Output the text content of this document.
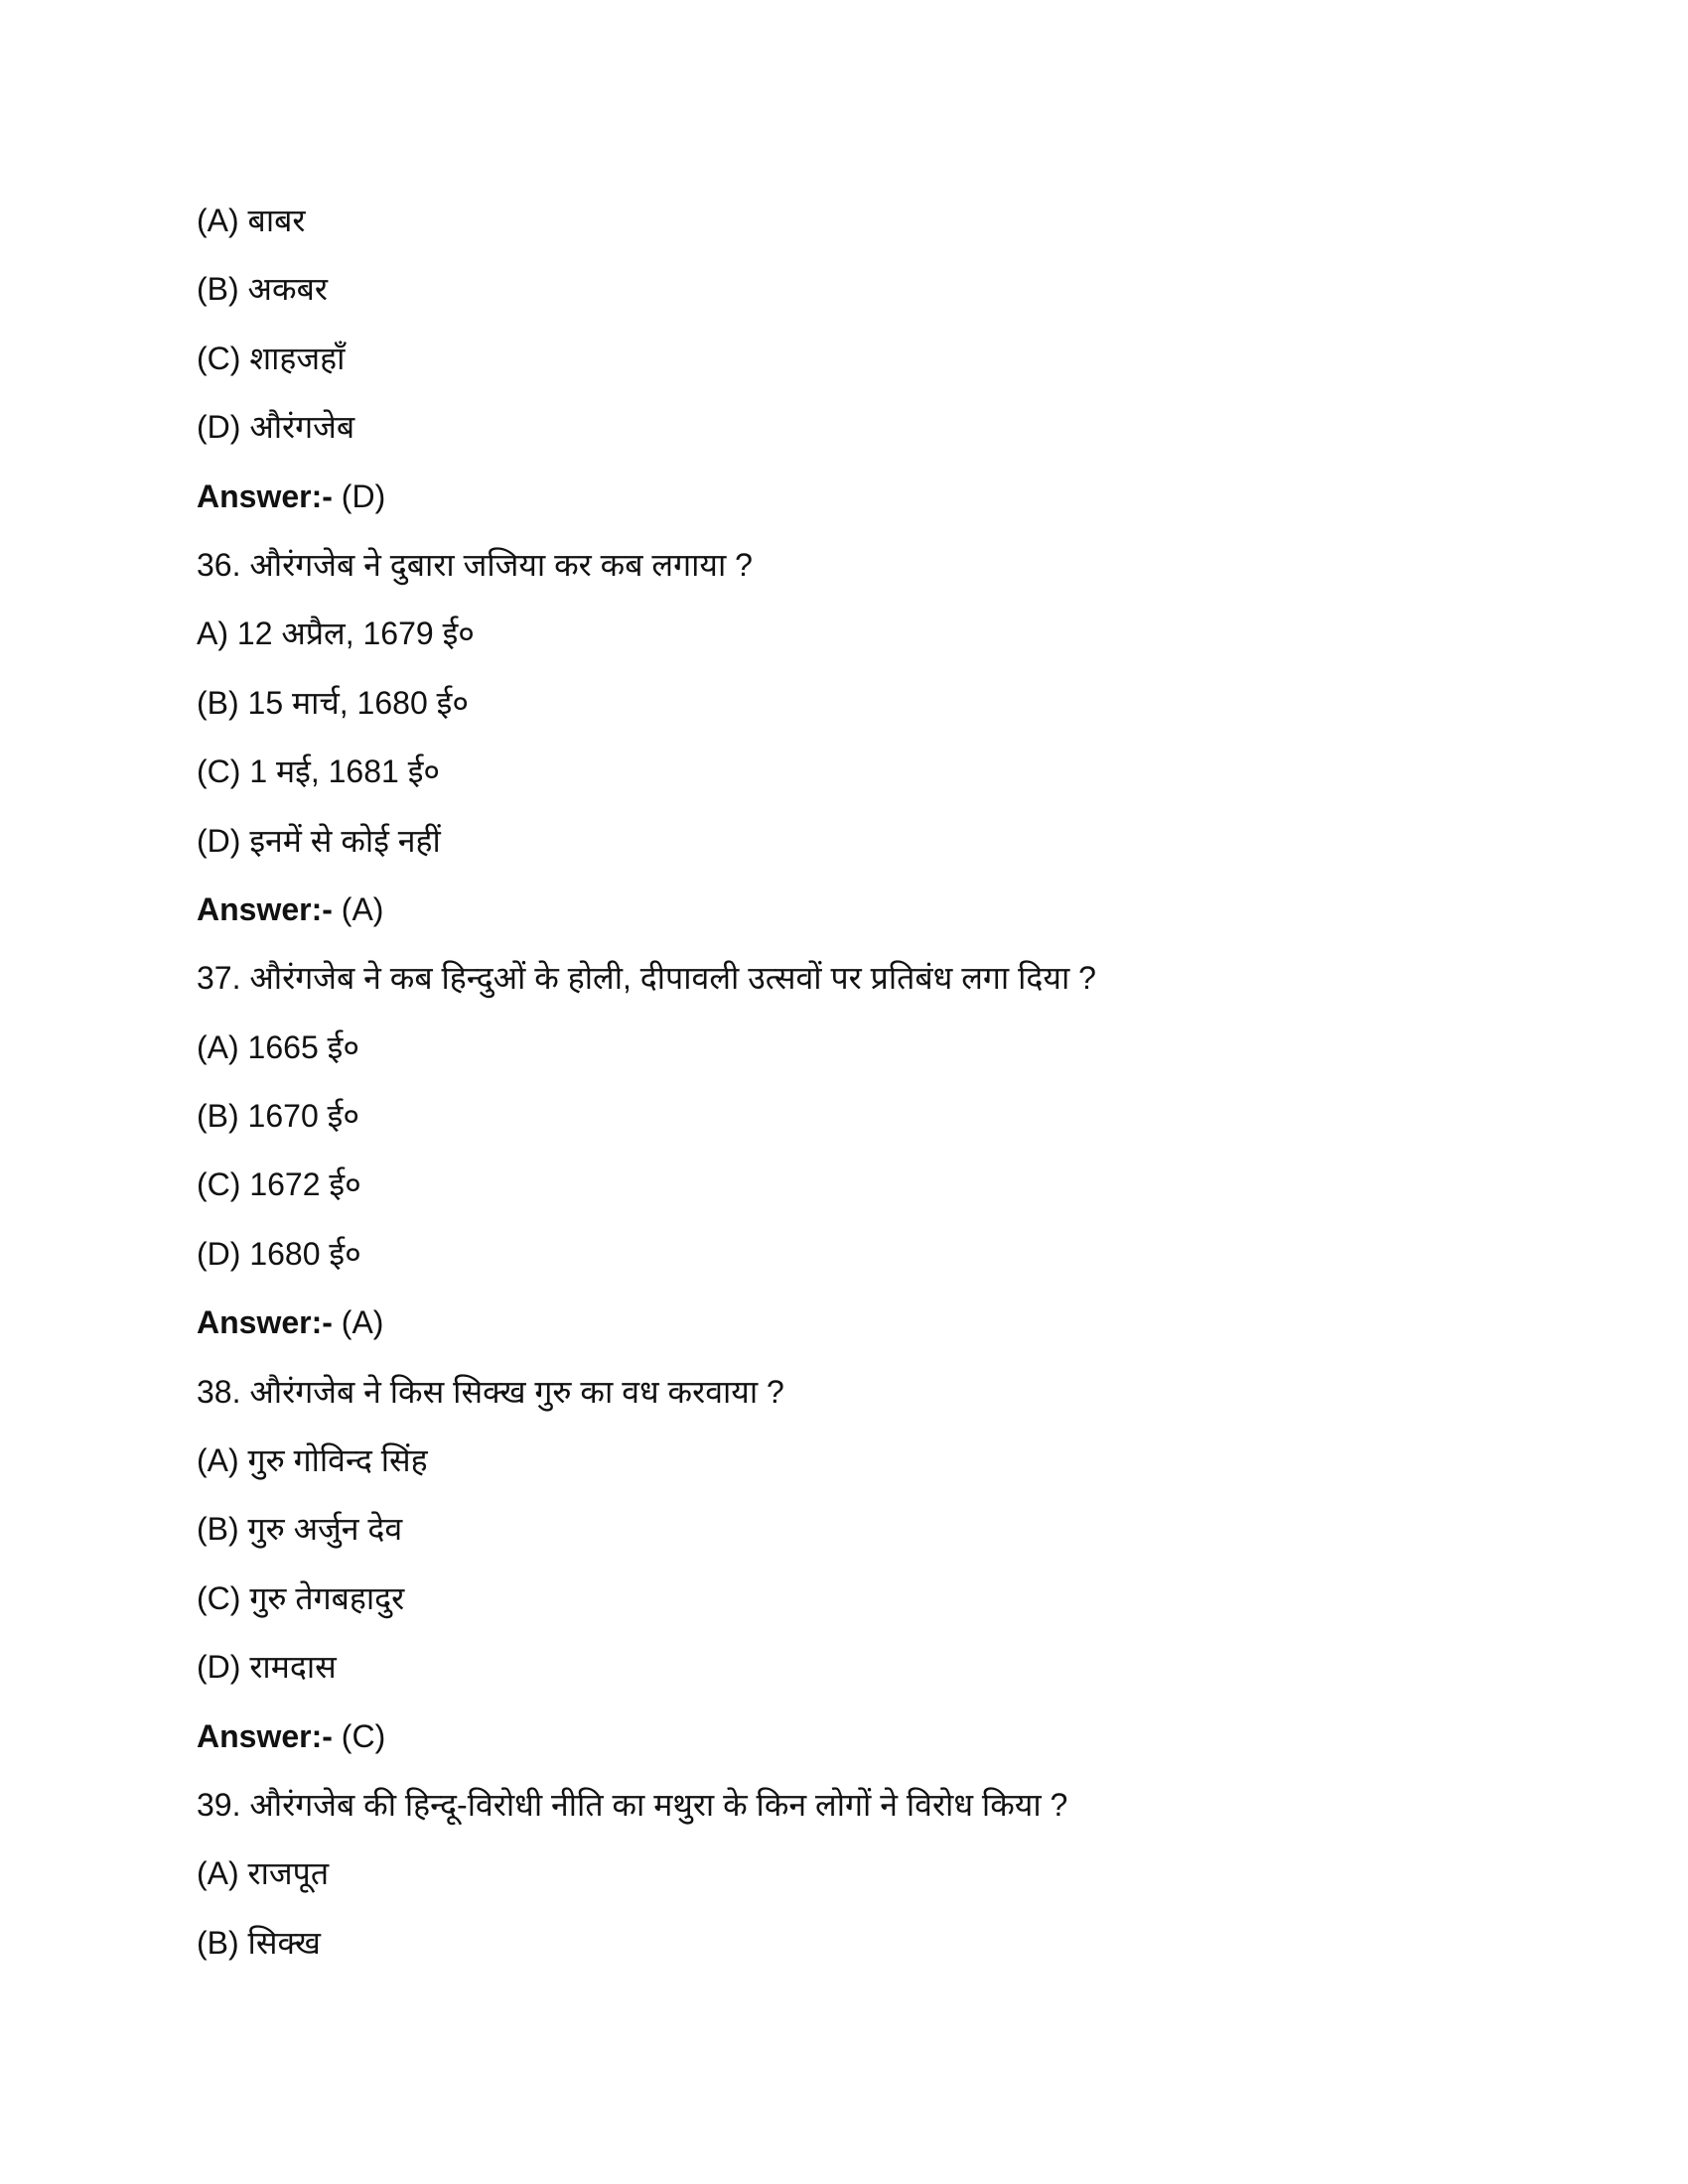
(A) बाबर
(B) अकबर
(C) शाहजहाँ
(D) औरंगजेब
Answer:- (D)
36. औरंगजेब ने दुबारा जजिया कर कब लगाया ?
A) 12 अप्रैल, 1679 ई०
(B) 15 मार्च, 1680 ई०
(C) 1 मई, 1681 ई०
(D) इनमें से कोई नहीं
Answer:- (A)
37. औरंगजेब ने कब हिन्दुओं के होली, दीपावली उत्सवों पर प्रतिबंध लगा दिया ?
(A) 1665 ई०
(B) 1670 ई०
(C) 1672 ई०
(D) 1680 ई०
Answer:- (A)
38. औरंगजेब ने किस सिक्ख गुरु का वध करवाया ?
(A) गुरु गोविन्द सिंह
(B) गुरु अर्जुन देव
(C) गुरु तेगबहादुर
(D) रामदास
Answer:- (C)
39. औरंगजेब की हिन्दू-विरोधी नीति का मथुरा के किन लोगों ने विरोध किया ?
(A) राजपूत
(B) सिक्ख
